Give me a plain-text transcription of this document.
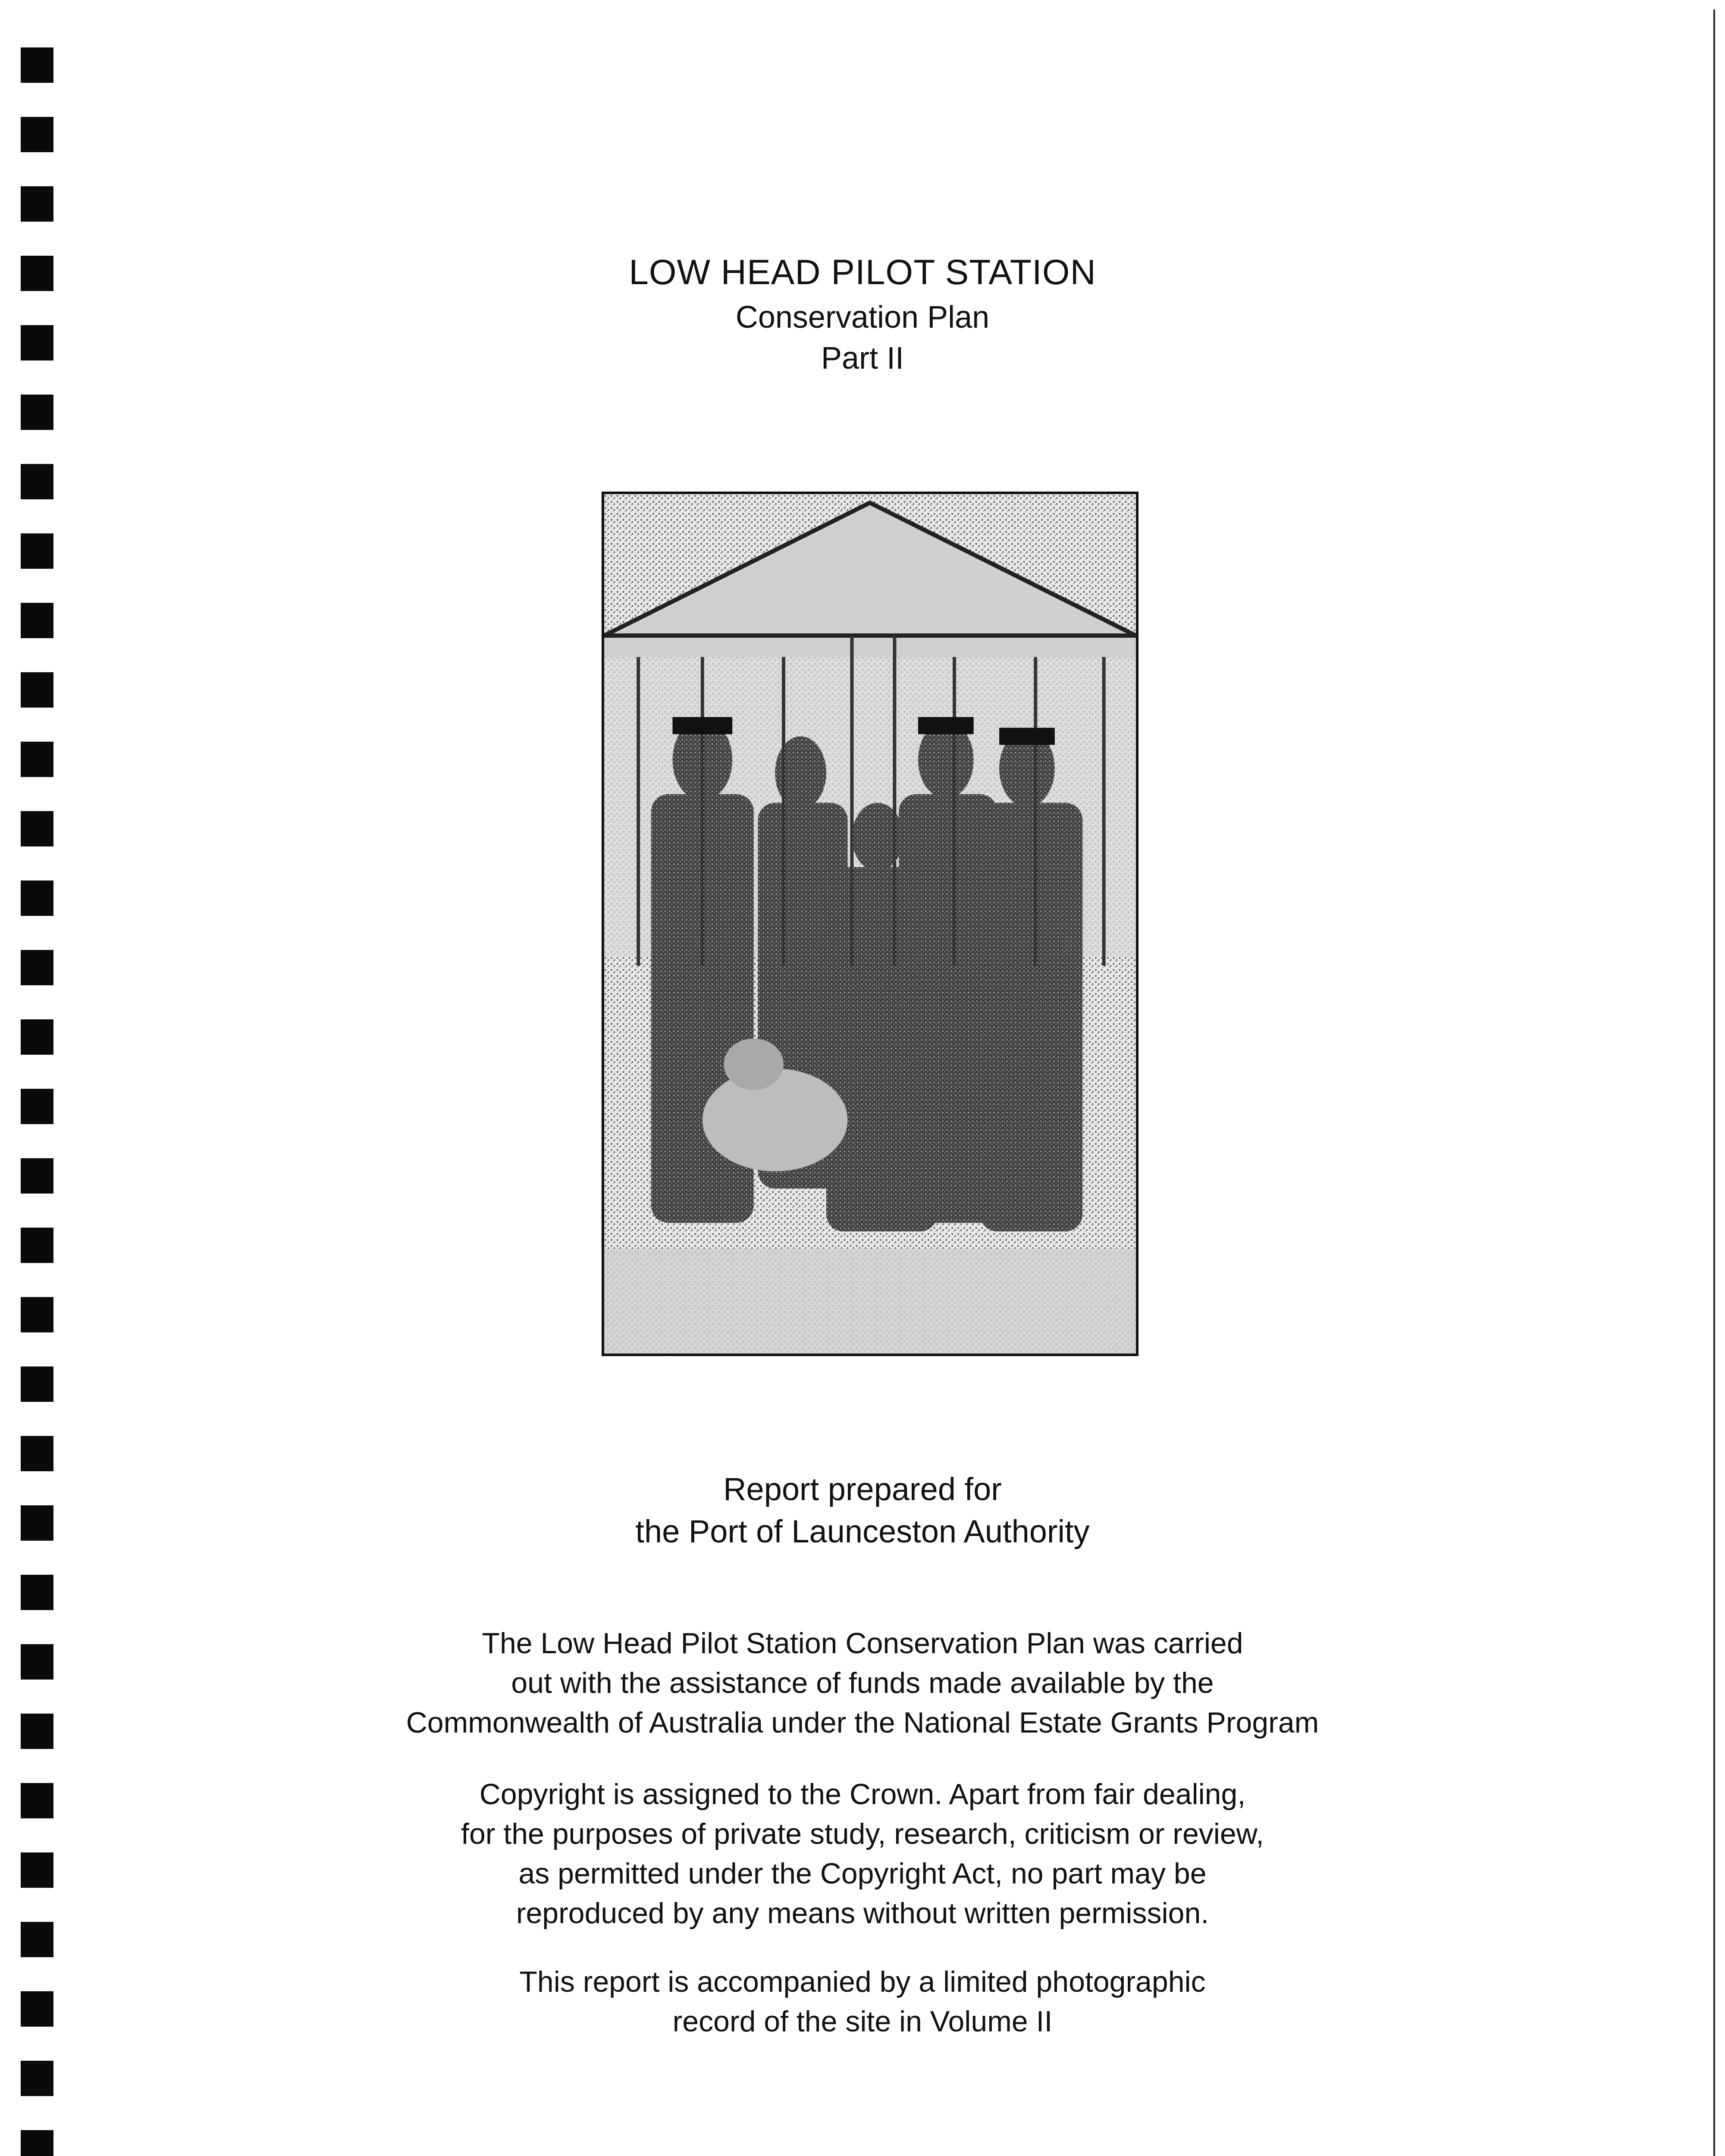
LOW HEAD PILOT STATION
Conservation Plan
Part II
Report prepared for
the Port of Launceston Authority
The Low Head Pilot Station Conservation Plan was carried
out with the assistance of funds made available by the
Commonwealth of Australia under the National Estate Grants Program
Copyright is assigned to the Crown. Apart from fair dealing,
for the purposes of private study, research, criticism or review,
as permitted under the Copyright Act, no part may be
reproduced by any means without written permission.
This report is accompanied by a limited photographic
record of the site in Volume II
